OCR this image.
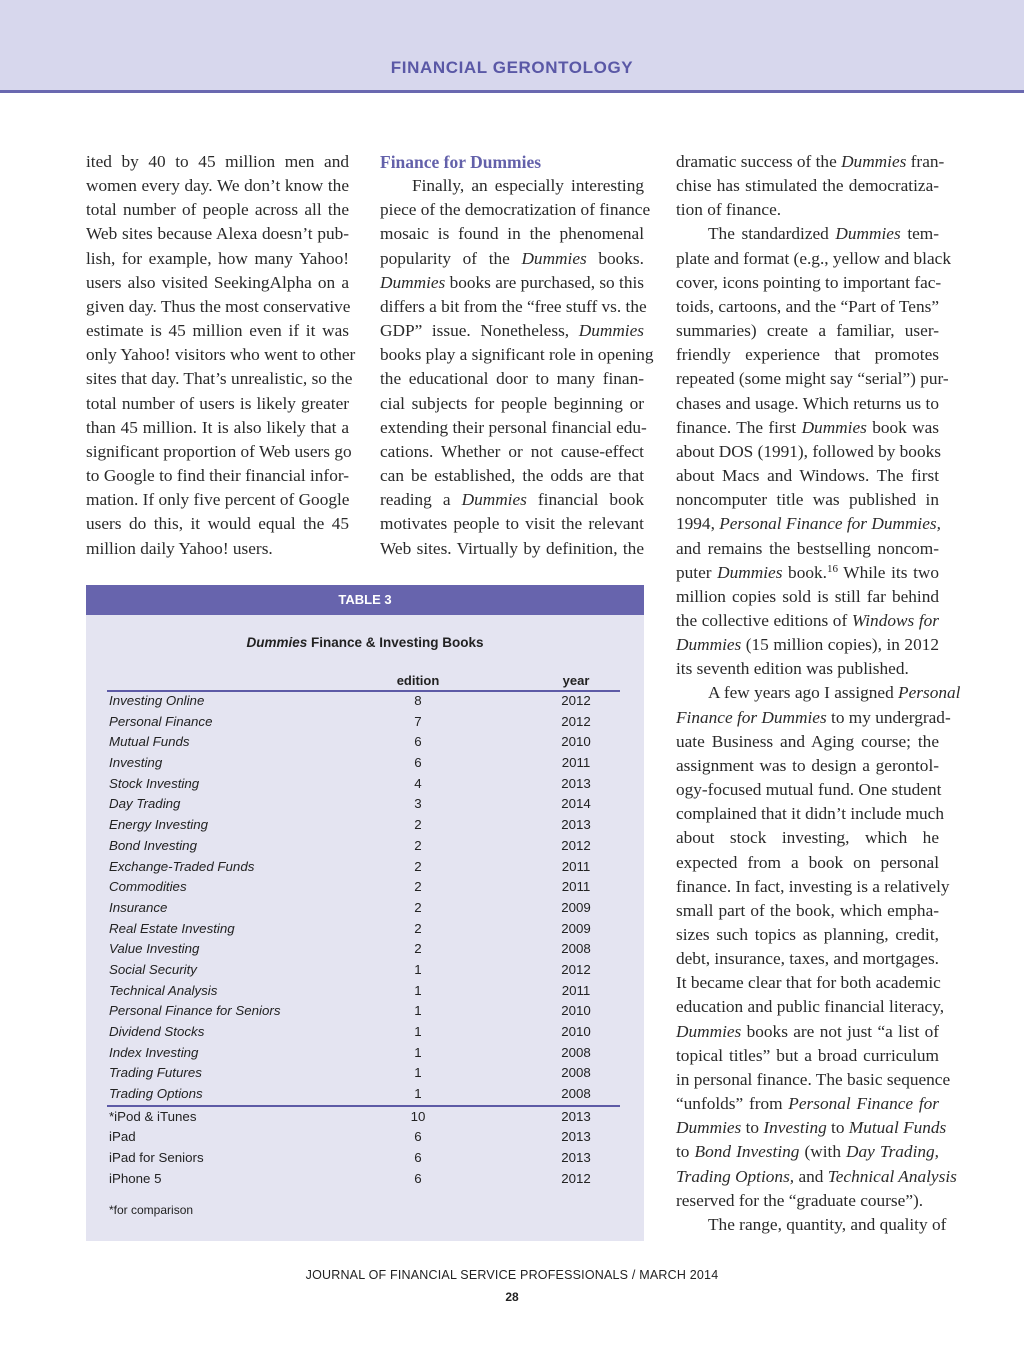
FINANCIAL GERONTOLOGY

ited by 40 to 45 million men and
women every day. We don’t know the
total number of people across all the
Web sites because Alexa doesn’t pub-
lish, for example, how many Yahoo!
users also visited SeekingAlpha on a
given day. Thus the most conservative
estimate is 45 million even if it was
only Yahoo! visitors who went to other
sites that day. That’s unrealistic, so the
total number of users is likely greater
than 45 million. It is also likely that a
significant proportion of Web users go
to Google to find their financial infor-
mation. If only five percent of Google
users do this, it would equal the 45
million daily Yahoo! users.

Finance for Dummies

Finally, an especially interesting
piece of the democratization of finance
mosaic is found in the phenomenal
popularity of the Dummies books.
Dummies books are purchased, so this
differs a bit from the “free stuff vs. the
GDP” issue. Nonetheless, Dummies
books play a significant role in opening
the educational door to many finan-
cial subjects for people beginning or
extending their personal financial edu-
cations. Whether or not cause-effect
can be established, the odds are that
reading a Dummies financial book
motivates people to visit the relevant
Web sites. Virtually by definition, the

dramatic success of the Dummies fran-
chise has stimulated the democratiza-
tion of finance.

The standardized Dummies tem-
plate and format (e.g., yellow and black
cover, icons pointing to important fac-
toids, cartoons, and the “Part of Tens”
summaries) create a familiar, user-
friendly experience that promotes
repeated (some might say “serial”) pur-
chases and usage. Which returns us to
finance. The first Dummies book was
about DOS (1991), followed by books
about Macs and Windows. The first
noncomputer title was published in
1994, Personal Finance for Dummies,
and remains the bestselling noncom-
puter Dummies book.$^{16}$ While its two
million copies sold is still far behind
the collective editions of Windows for
Dummies (15 million copies), in 2012
its seventh edition was published.

A few years ago I assigned Personal
Finance for Dummies to my undergrad-
uate Business and Aging course; the
assignment was to design a gerontol-
ogy-focused mutual fund. One student
complained that it didn’t include much
about stock investing, which he
expected from a book on personal
finance. In fact, investing is a relatively
small part of the book, which empha-
sizes such topics as planning, credit,
debt, insurance, taxes, and mortgages.
It became clear that for both academic
education and public financial literacy,
Dummies books are not just “a list of
topical titles” but a broad curriculum
in personal finance. The basic sequence
“unfolds” from Personal Finance for
Dummies to Investing to Mutual Funds
to Bond Investing (with Day Trading,
Trading Options, and Technical Analysis
reserved for the “graduate course”).

The range, quantity, and quality of

TABLE 3
Dummies Finance & Investing Books
edition	year
Investing Online	8	2012
Personal Finance	7	2012
Mutual Funds	6	2010
Investing	6	2011
Stock Investing	4	2013
Day Trading	3	2014
Energy Investing	2	2013
Bond Investing	2	2012
Exchange-Traded Funds	2	2011
Commodities	2	2011
Insurance	2	2009
Real Estate Investing	2	2009
Value Investing	2	2008
Social Security	1	2012
Technical Analysis	1	2011
Personal Finance for Seniors	1	2010
Dividend Stocks	1	2010
Index Investing	1	2008
Trading Futures	1	2008
Trading Options	1	2008
*iPod & iTunes	10	2013
iPad	6	2013
iPad for Seniors	6	2013
iPhone 5	6	2012
*for comparison
JOURNAL OF FINANCIAL SERVICE PROFESSIONALS / MARCH 2014
28
